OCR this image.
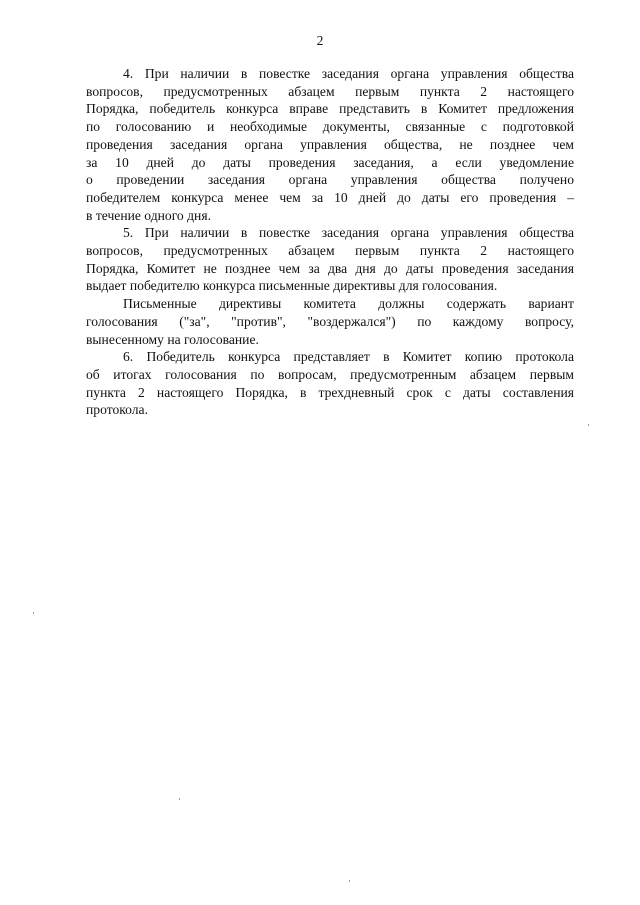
2

4. При наличии в повестке заседания органа управления общества
вопросов, предусмотренных абзацем первым пункта 2 настоящего
Порядка, победитель конкурса вправе представить в Комитет предложения
по голосованию и необходимые документы, связанные с подготовкой
проведения заседания органа управления общества, не позднее чем
за 10 дней до даты проведения заседания, а если уведомление
о проведении заседания органа управления общества получено
победителем конкурса менее чем за 10 дней до даты его проведения –
в течение одного дня.

5. При наличии в повестке заседания органа управления общества
вопросов, предусмотренных абзацем первым пункта 2 настоящего
Порядка, Комитет не позднее чем за два дня до даты проведения заседания
выдает победителю конкурса письменные директивы для голосования.

Письменные директивы комитета должны содержать вариант
голосования ("за", "против", "воздержался") по каждому вопросу,
вынесенному на голосование.

6. Победитель конкурса представляет в Комитет копию протокола
об итогах голосования по вопросам, предусмотренным абзацем первым
пункта 2 настоящего Порядка, в трехдневный срок с даты составления
протокола.
